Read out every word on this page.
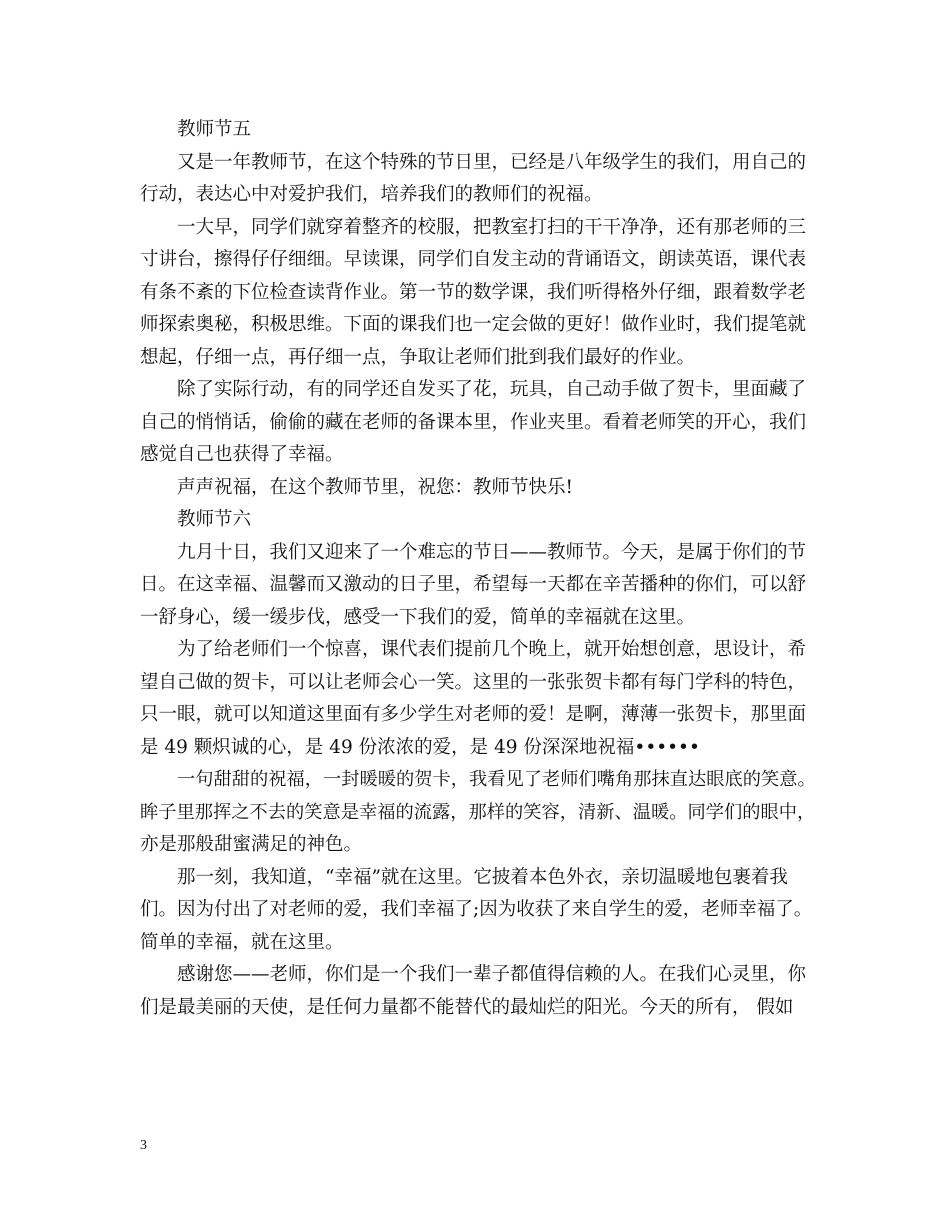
教师节五

又是一年教师节，在这个特殊的节日里，已经是八年级学生的我们，用自己的

行动，表达心中对爱护我们，培养我们的教师们的祝福。

一大早，同学们就穿着整齐的校服，把教室打扫的干干净净，还有那老师的三

寸讲台，擦得仔仔细细。早读课，同学们自发主动的背诵语文，朗读英语，课代表

有条不紊的下位检查读背作业。第一节的数学课，我们听得格外仔细，跟着数学老

师探索奥秘，积极思维。下面的课我们也一定会做的更好！做作业时，我们提笔就

想起，仔细一点，再仔细一点，争取让老师们批到我们最好的作业。

除了实际行动，有的同学还自发买了花，玩具，自己动手做了贺卡，里面藏了

自己的悄悄话，偷偷的藏在老师的备课本里，作业夹里。看着老师笑的开心，我们

感觉自己也获得了幸福。

声声祝福，在这个教师节里，祝您：教师节快乐!

教师节六

九月十日，我们又迎来了一个难忘的节日——教师节。今天，是属于你们的节

日。在这幸福、温馨而又激动的日子里，希望每一天都在辛苦播种的你们，可以舒

一舒身心，缓一缓步伐，感受一下我们的爱，简单的幸福就在这里。

为了给老师们一个惊喜，课代表们提前几个晚上，就开始想创意，思设计，希

望自己做的贺卡，可以让老师会心一笑。这里的一张张贺卡都有每门学科的特色，

只一眼，就可以知道这里面有多少学生对老师的爱！是啊，薄薄一张贺卡，那里面

是 49 颗炽诚的心，是 49 份浓浓的爱，是 49 份深深地祝福••••••

一句甜甜的祝福，一封暖暖的贺卡，我看见了老师们嘴角那抹直达眼底的笑意。

眸子里那挥之不去的笑意是幸福的流露，那样的笑容，清新、温暖。同学们的眼中，

亦是那般甜蜜满足的神色。

那一刻，我知道，“幸福”就在这里。它披着本色外衣，亲切温暖地包裹着我

们。因为付出了对老师的爱，我们幸福了;因为收获了来自学生的爱，老师幸福了。

简单的幸福，就在这里。

感谢您——老师，你们是一个我们一辈子都值得信赖的人。在我们心灵里，你

们是最美丽的天使，是任何力量都不能替代的最灿烂的阳光。今天的所有， 假如

3
